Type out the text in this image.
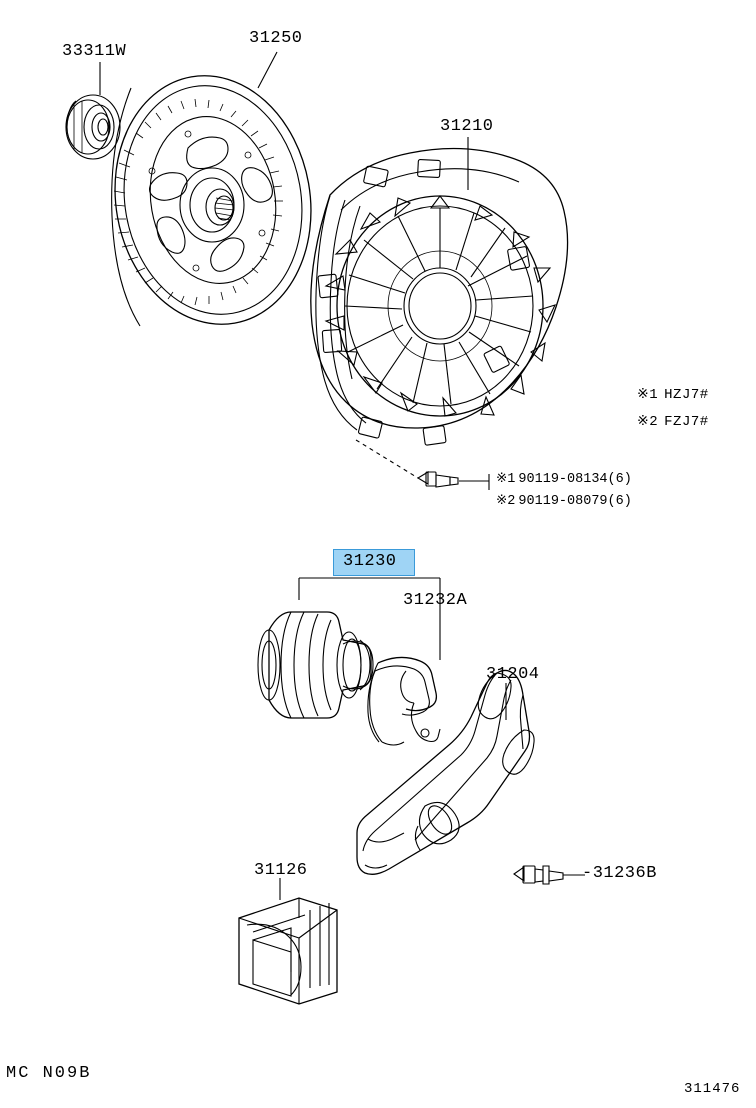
33311W
31250
31210
31232A
31204
31126	-31236B
31230
※1 HZJ7#
※2 FZJ7#
※1 90119-08134(6)
※2 90119-08079(6)
MC N09B
311476
